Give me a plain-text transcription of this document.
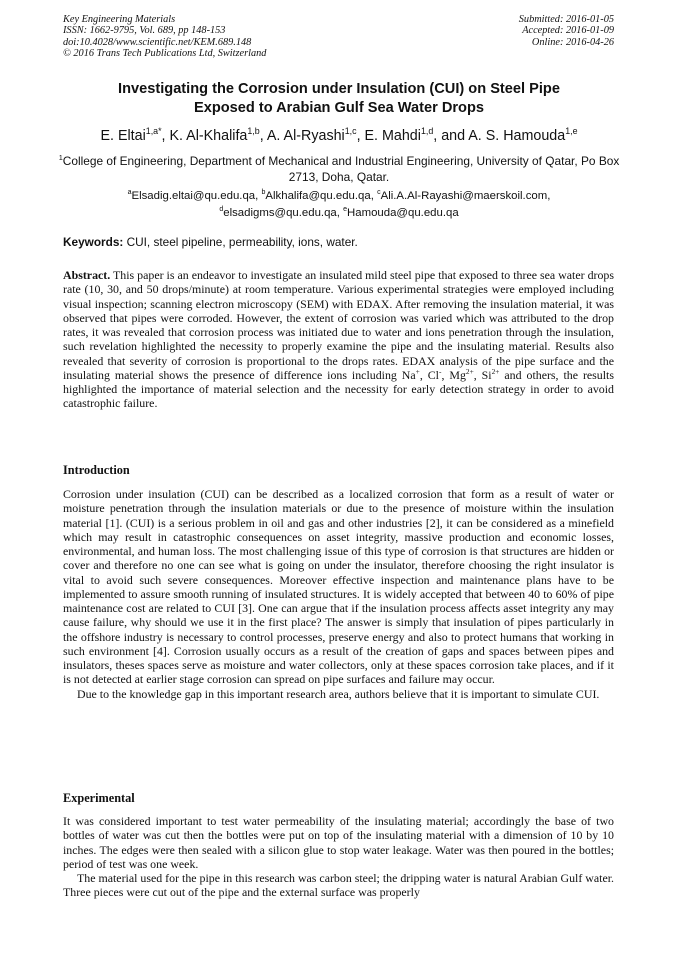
Key Engineering Materials
ISSN: 1662-9795, Vol. 689, pp 148-153
doi:10.4028/www.scientific.net/KEM.689.148
© 2016 Trans Tech Publications Ltd, Switzerland
Submitted: 2016-01-05
Accepted: 2016-01-09
Online: 2016-04-26
Investigating the Corrosion under Insulation (CUI) on Steel Pipe
Exposed to Arabian Gulf Sea Water Drops
E. Eltai$^{1,a*}$, K. Al-Khalifa$^{1,b}$, A. Al-Ryashi$^{1,c}$, E. Mahdi$^{1,d}$, and A. S. Hamouda$^{1,e}$
$^1$College of Engineering, Department of Mechanical and Industrial Engineering, University of Qatar, Po Box 2713, Doha, Qatar.
$^a$Elsadig.eltai@qu.edu.qa, $^b$Alkhalifa@qu.edu.qa, $^c$Ali.A.Al-Rayashi@maerskoil.com,
$^d$elsadigms@qu.edu.qa, $^e$Hamouda@qu.edu.qa
Keywords: CUI, steel pipeline, permeability, ions, water.
Abstract. This paper is an endeavor to investigate an insulated mild steel pipe that exposed to three sea water drops rate (10, 30, and 50 drops/minute) at room temperature. Various experimental strategies were employed including visual inspection; scanning electron microscopy (SEM) with EDAX. After removing the insulation material, it was observed that pipes were corroded. However, the extent of corrosion was varied which was attributed to the drop rates, it was revealed that corrosion process was initiated due to water and ions penetration through the insulation, such revelation highlighted the necessity to properly examine the pipe and the insulating material. Results also revealed that severity of corrosion is proportional to the drops rates. EDAX analysis of the pipe surface and the insulating material shows the presence of difference ions including Na+, Cl-, $Mg^{2+}$, $Si^{2+}$ and others, the results highlighted the importance of material selection and the necessity for early detection strategy in order to avoid catastrophic failure.
Introduction

Corrosion under insulation (CUI) can be described as a localized corrosion that form as a result of water or moisture penetration through the insulation materials or due to the presence of moisture within the insulation material [1]. (CUI) is a serious problem in oil and gas and other industries [2], it can be considered as a minefield which may result in catastrophic consequences on asset integrity, massive production and economic losses, environmental, and human loss. The most challenging issue of this type of corrosion is that structures are hidden or cover and therefore no one can see what is going on under the insulator, therefore choosing the right insulator is vital to avoid such severe consequences. Moreover effective inspection and maintenance plans have to be implemented to assure smooth running of insulated structures. It is widely accepted that between 40 to 60% of pipe maintenance cost are related to CUI [3]. One can argue that if the insulation process affects asset integrity any may cause failure, why should we use it in the first place? The answer is simply that insulation of pipes particularly in the offshore industry is necessary to control processes, preserve energy and also to protect humans that working in such environment [4]. Corrosion usually occurs as a result of the creation of gaps and spaces between pipes and insulators, theses spaces serve as moisture and water collectors, only at these spaces corrosion take places, and if it is not detected at earlier stage corrosion can spread on pipe surfaces and failure may occur.

Due to the knowledge gap in this important research area, authors believe that it is important to simulate CUI.

Experimental

It was considered important to test water permeability of the insulating material; accordingly the base of two bottles of water was cut then the bottles were put on top of the insulating material with a dimension of 10 by 10 inches. The edges were then sealed with a silicon glue to stop water leakage. Water was then poured in the bottles; period of test was one week.

The material used for the pipe in this research was carbon steel; the dripping water is natural Arabian Gulf water. Three pieces were cut out of the pipe and the external surface was properly
